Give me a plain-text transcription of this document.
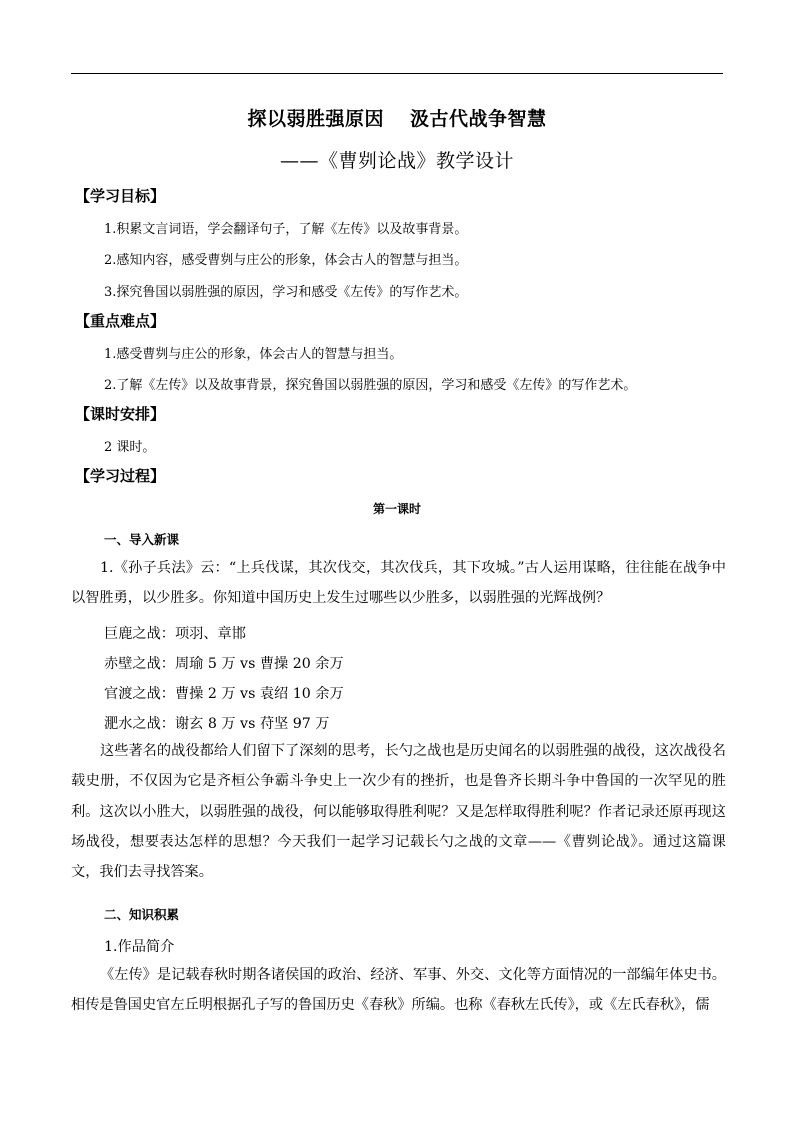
探以弱胜强原因 汲古代战争智慧
——《曹刿论战》教学设计
【学习目标】
1.积累文言词语，学会翻译句子，了解《左传》以及故事背景。
2.感知内容，感受曹刿与庄公的形象，体会古人的智慧与担当。
3.探究鲁国以弱胜强的原因，学习和感受《左传》的写作艺术。
【重点难点】
1.感受曹刿与庄公的形象，体会古人的智慧与担当。
2.了解《左传》以及故事背景，探究鲁国以弱胜强的原因，学习和感受《左传》的写作艺术。
【课时安排】
2 课时。
【学习过程】
第一课时
一、导入新课
1.《孙子兵法》云：“上兵伐谋，其次伐交，其次伐兵，其下攻城。”古人运用谋略，往往能在战争中以智胜勇，以少胜多。你知道中国历史上发生过哪些以少胜多，以弱胜强的光辉战例？
巨鹿之战：项羽、章邯
赤壁之战：周瑜 5 万 vs 曹操 20 余万
官渡之战：曹操 2 万 vs 袁绍 10 余万
淝水之战：谢玄 8 万 vs 苻坚 97 万
这些著名的战役都给人们留下了深刻的思考，长勺之战也是历史闻名的以弱胜强的战役，这次战役名载史册，不仅因为它是齐桓公争霸斗争史上一次少有的挫折，也是鲁齐长期斗争中鲁国的一次罕见的胜利。这次以小胜大，以弱胜强的战役，何以能够取得胜利呢？又是怎样取得胜利呢？作者记录还原再现这场战役，想要表达怎样的思想？今天我们一起学习记载长勺之战的文章——《曹刿论战》。通过这篇课文，我们去寻找答案。
二、知识积累
1.作品简介
《左传》是记载春秋时期各诸侯国的政治、经济、军事、外交、文化等方面情况的一部编年体史书。相传是鲁国史官左丘明根据孔子写的鲁国历史《春秋》所编。也称《春秋左氏传》，或《左氏春秋》，儒
